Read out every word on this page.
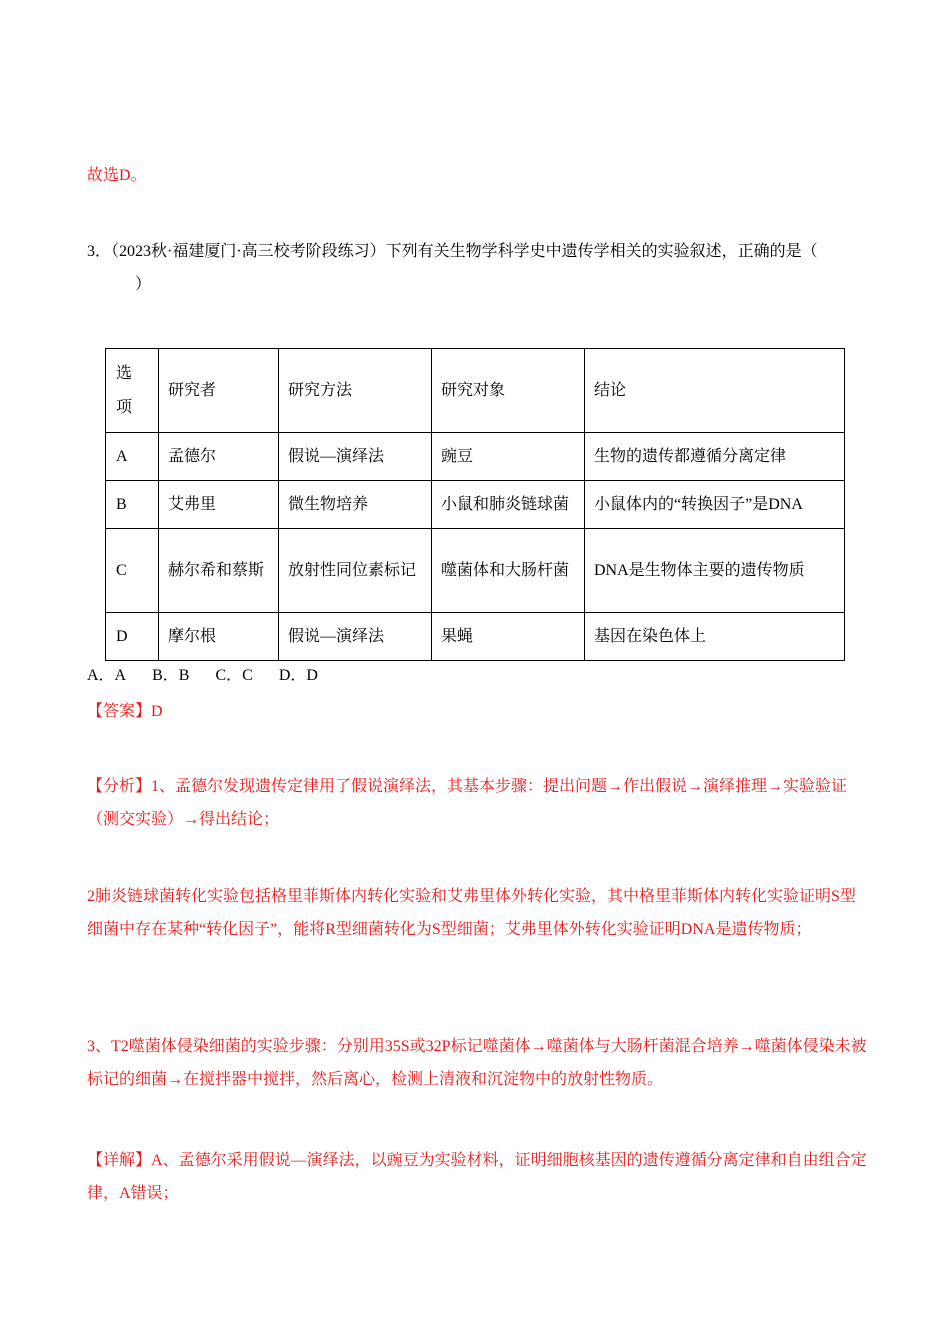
故选D。
3．（2023秋·福建厦门·高三校考阶段练习）下列有关生物学科学史中遗传学相关的实验叙述，正确的是（
）
选项	研究者	研究方法	研究对象	结论
A	孟德尔	假说—演绎法	豌豆	生物的遗传都遵循分离定律
B	艾弗里	微生物培养	小鼠和肺炎链球菌	小鼠体内的“转换因子”是DNA
C	赫尔希和蔡斯	放射性同位素标记	噬菌体和大肠杆菌	DNA是生物体主要的遗传物质
D	摩尔根	假说—演绎法	果蝇	基因在染色体上
A．A B．B C．C D．D
【答案】D
【分析】1、孟德尔发现遗传定律用了假说演绎法，其基本步骤：提出问题→作出假说→演绎推理→实验验证（测交实验）→得出结论；
2肺炎链球菌转化实验包括格里菲斯体内转化实验和艾弗里体外转化实验，其中格里菲斯体内转化实验证明S型细菌中存在某种“转化因子”，能将R型细菌转化为S型细菌；艾弗里体外转化实验证明DNA是遗传物质；
3、T2噬菌体侵染细菌的实验步骤：分别用35S或32P标记噬菌体→噬菌体与大肠杆菌混合培养→噬菌体侵染未被标记的细菌→在搅拌器中搅拌，然后离心，检测上清液和沉淀物中的放射性物质。
【详解】A、孟德尔采用假说—演绎法，以豌豆为实验材料，证明细胞核基因的遗传遵循分离定律和自由组合定律，A错误；
